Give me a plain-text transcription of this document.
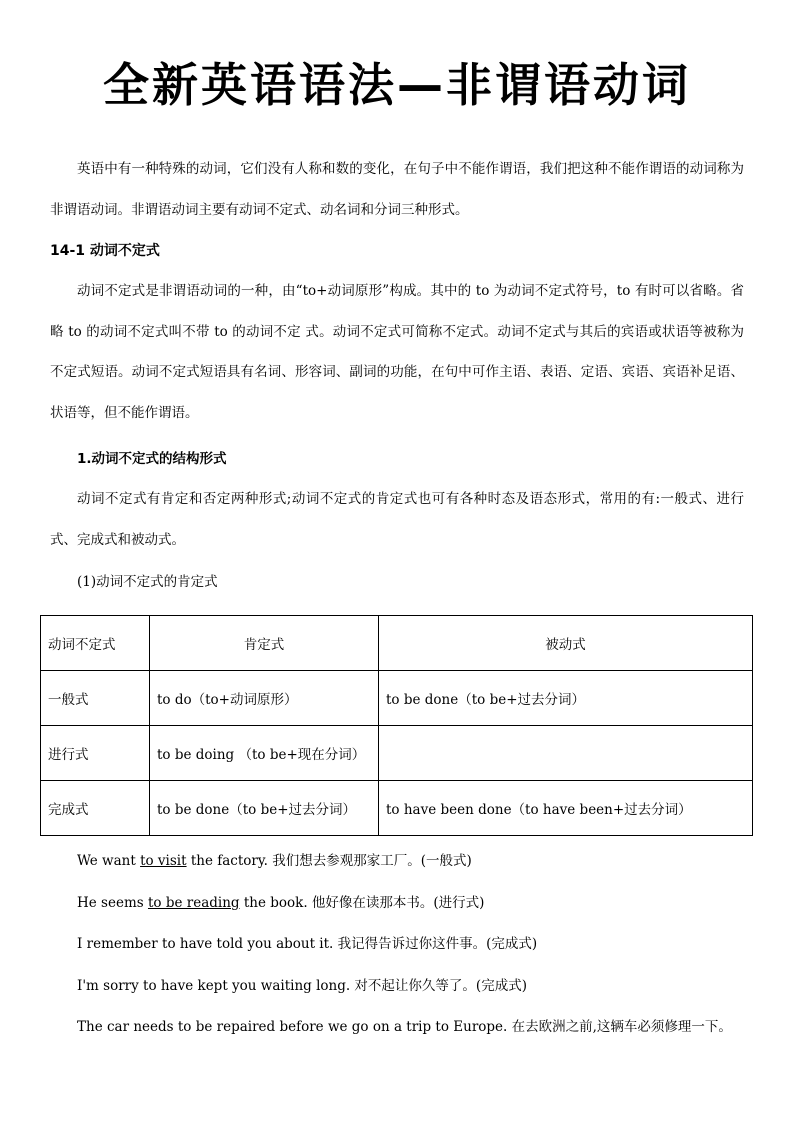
全新英语语法—非谓语动词

英语中有一种特殊的动词，它们没有人称和数的变化，在句子中不能作谓语，我们把这种不能作谓语的动词称为非谓语动词。非谓语动词主要有动词不定式、动名词和分词三种形式。

14-1 动词不定式

动词不定式是非谓语动词的一种，由“to+动词原形”构成。其中的 to 为动词不定式符号，to 有时可以省略。省略 to 的动词不定式叫不带 to 的动词不定 式。动词不定式可简称不定式。动词不定式与其后的宾语或状语等被称为不定式短语。动词不定式短语具有名词、形容词、副词的功能，在句中可作主语、表语、定语、宾语、宾语补足语、状语等，但不能作谓语。

1.动词不定式的结构形式

动词不定式有肯定和否定两种形式;动词不定式的肯定式也可有各种时态及语态形式，常用的有:一般式、进行式、完成式和被动式。

(1)动词不定式的肯定式

动词不定式	肯定式	被动式
一般式	to do（to+动词原形）	to be done（to be+过去分词）
进行式	to be doing （to be+现在分词）	
完成式	to be done（to be+过去分词）	to have been done（to have been+过去分词）

We want to visit the factory. 我们想去参观那家工厂。(一般式)

He seems to be reading the book. 他好像在读那本书。(进行式)

I remember to have told you about it. 我记得告诉过你这件事。(完成式)

I'm sorry to have kept you waiting long. 对不起让你久等了。(完成式)

The car needs to be repaired before we go on a trip to Europe. 在去欧洲之前,这辆车必须修理一下。
